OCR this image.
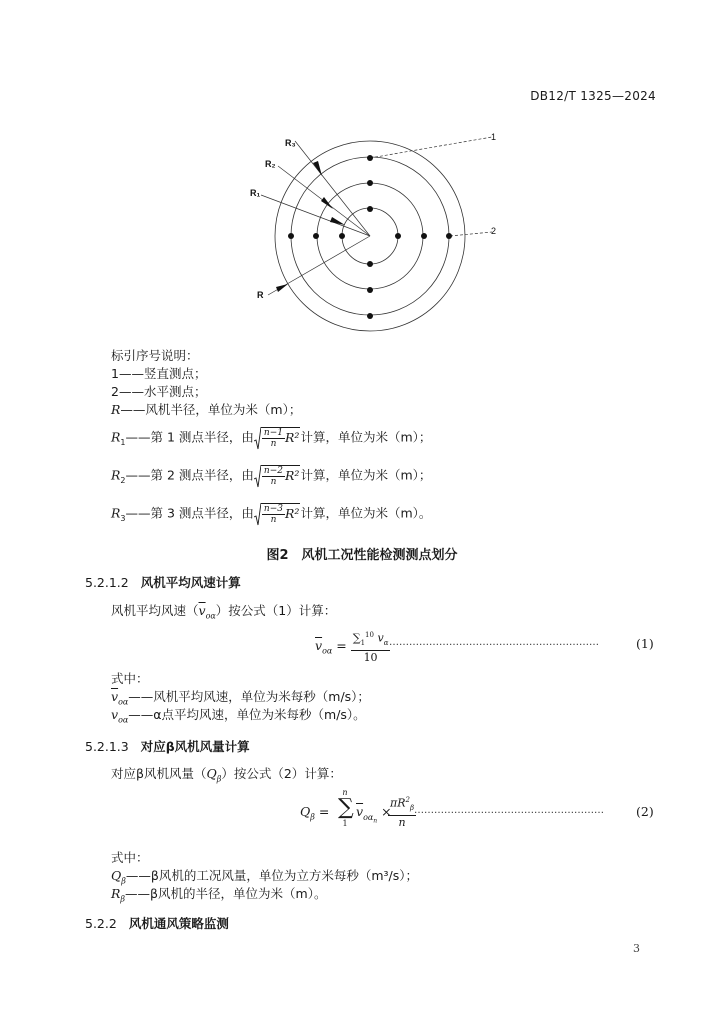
DB12/T 1325—2024
R₃
R₂
R₁
R
1
2
标引序号说明：
1——竖直测点；
2——水平测点；
R——风机半径，单位为米（m）；
$R_1——$第 1 测点半径，由 $\frac{n-1}{n} R^2$计算，单位为米（m）；
$R_2——$第 2 测点半径，由 $\frac{n-2}{n} R^2$计算，单位为米（m）；
$R_3——$第 3 测点半径，由 $\frac{n-3}{n} R^2$计算，单位为米（m）。
图2　风机工况性能检测测点划分
5.2.1.2 风机平均风速计算
风机平均风速$(\overline{v}_{o\alpha})$按公式（1）计算：
$\overline{v}_{o\alpha} = \frac{\sum_1^{10} v_\alpha}{10}$
………………………………………………………	(1)
式中：
$\overline{v}_{o\alpha}——$风机平均风速，单位为米每秒（m/s）；
$v_{o\alpha}——\alpha$点平均风速，单位为米每秒（m/s）。
5.2.1.3 对应β风机风量计算
对应β风机风量$(Q_\beta)$按公式（2）计算：
$Q_\beta$ =
n
∑
1
$\overline{v}_{o\alpha_n}$ ×
$\pi R^2_\beta$
n
…………………………………………………	(2)
式中：
$Q_\beta——\beta$风机的工况风量，单位为立方米每秒（m³/s）；
$R_\beta——\beta$风机的半径，单位为米（m）。
5.2.2 风机通风策略监测
3
